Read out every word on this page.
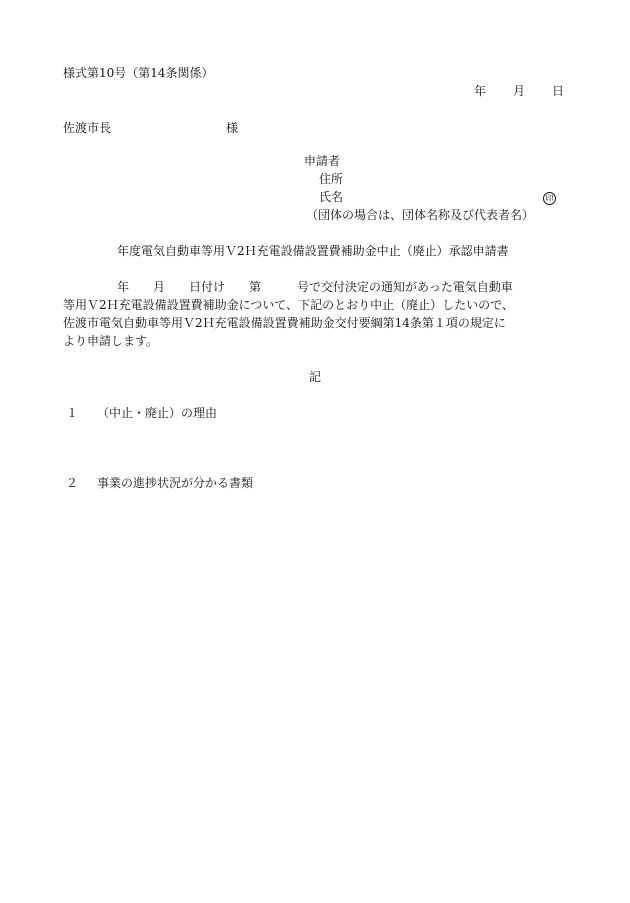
様式第10号（第14条関係）
年　　月　　日
佐渡市長	様
申請者
住所
氏名	印
（団体の場合は、団体名称及び代表者名）
年度電気自動車等用Ｖ2Ｈ充電設備設置費補助金中止（廃止）承認申請書
年　　月　　日付け　　第　　　号で交付決定の通知があった電気自動車
等用Ｖ2Ｈ充電設備設置費補助金について、下記のとおり中止（廃止）したいので、
佐渡市電気自動車等用Ｖ2Ｈ充電設備設置費補助金交付要綱第14条第１項の規定に
より申請します。
記
１ （中止・廃止）の理由
２ 事業の進捗状況が分かる書類
